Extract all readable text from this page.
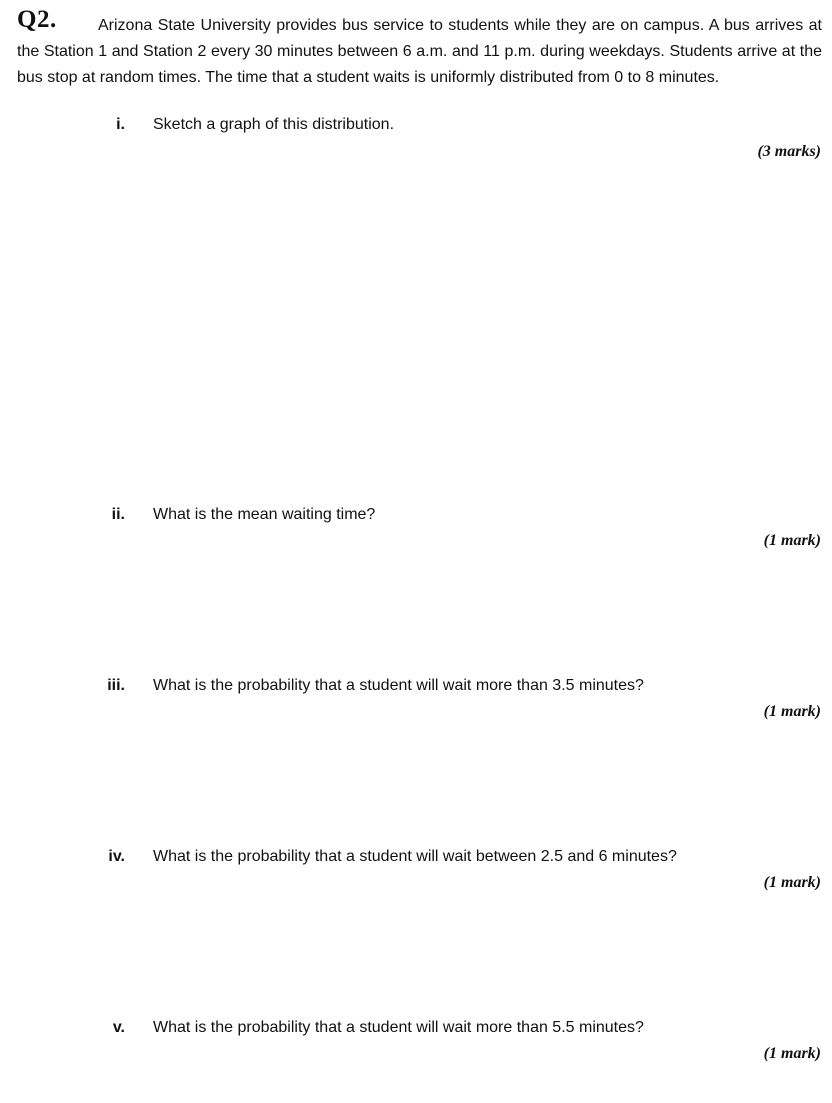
Q2.	Arizona State University provides bus service to students while they are on campus. A bus arrives at the Station 1 and Station 2 every 30 minutes between 6 a.m. and 11 p.m. during weekdays. Students arrive at the bus stop at random times. The time that a student waits is uniformly distributed from 0 to 8 minutes.

i. Sketch a graph of this distribution.
(3 marks)
ii. What is the mean waiting time?
(1 mark)
iii. What is the probability that a student will wait more than 3.5 minutes?
(1 mark)
iv. What is the probability that a student will wait between 2.5 and 6 minutes?
(1 mark)
v. What is the probability that a student will wait more than 5.5 minutes?
(1 mark)
